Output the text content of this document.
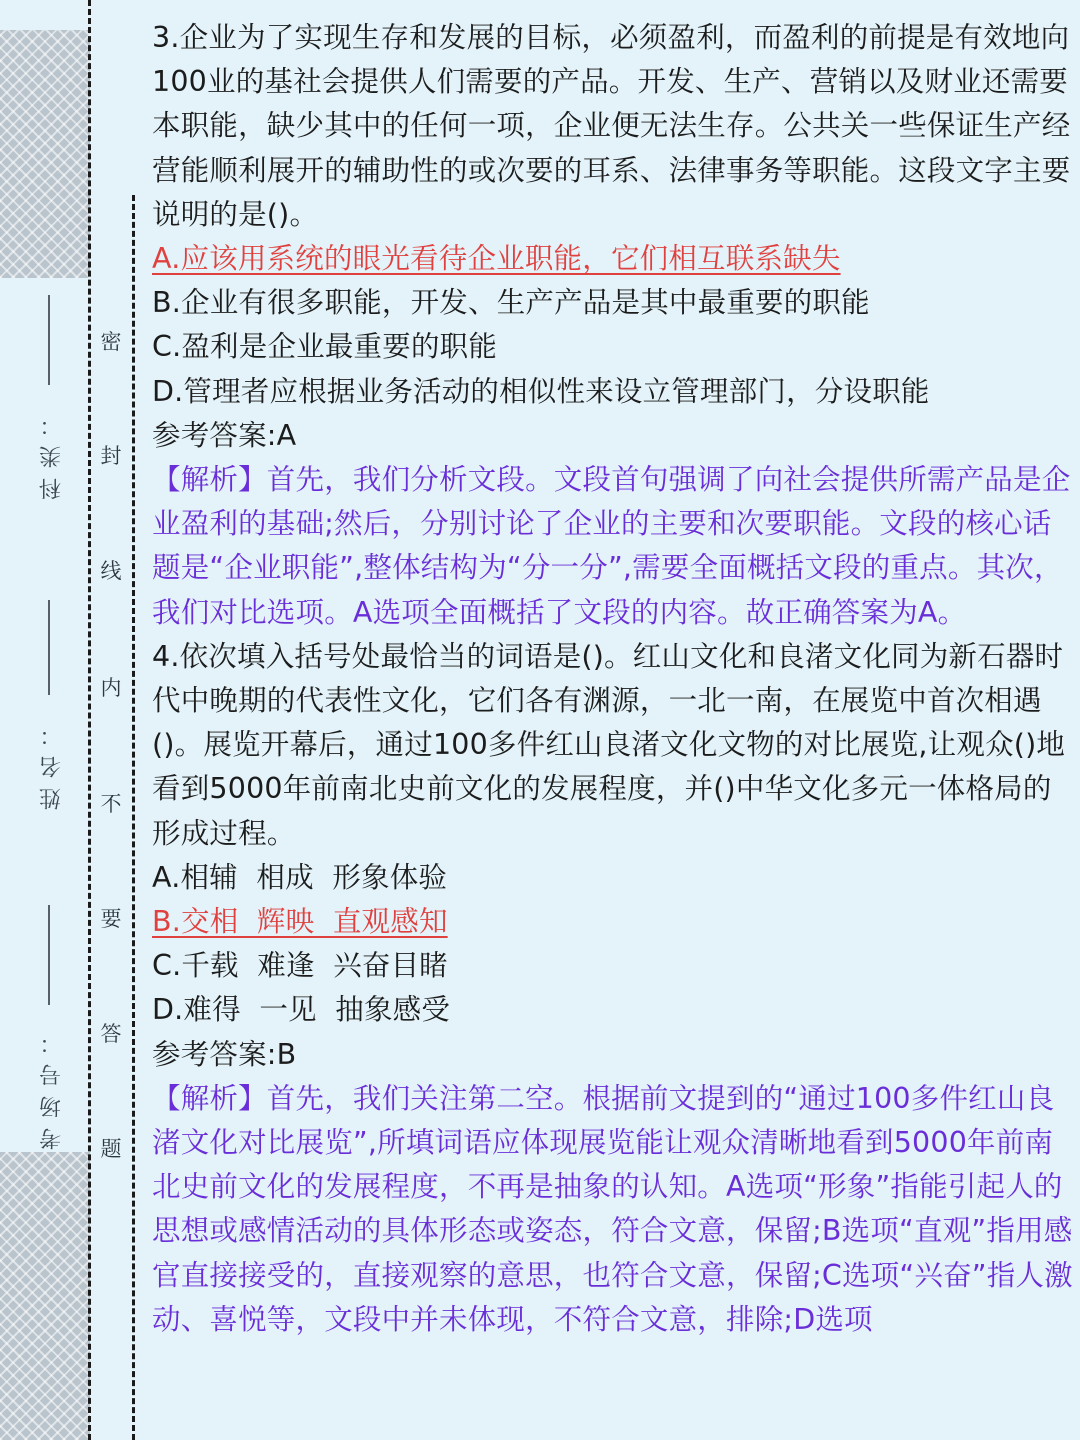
科类：
姓名：
考场号：
密
封
线
内
不
要
答
题

3.企业为了实现生存和发展的目标，必须盈利，而盈利的前提是有效地向100业的基社会提供人们需要的产品。开发、生产、营销以及财业还需要本职能，缺少其中的任何一项，企业便无法生存。公共关一些保证生产经营能顺利展开的辅助性的或次要的耳系、法律事务等职能。这段文字主要说明的是()。

A.应该用系统的眼光看待企业职能，它们相互联系缺失

B.企业有很多职能，开发、生产产品是其中最重要的职能

C.盈利是企业最重要的职能

D.管理者应根据业务活动的相似性来设立管理部门，分设职能

参考答案:A

【解析】首先，我们分析文段。文段首句强调了向社会提供所需产品是企业盈利的基础;然后，分别讨论了企业的主要和次要职能。文段的核心话题是“企业职能”,整体结构为“分一分”,需要全面概括文段的重点。其次，我们对比选项。A选项全面概括了文段的内容。故正确答案为A。

4.依次填入括号处最恰当的词语是()。红山文化和良渚文化同为新石器时代中晚期的代表性文化，它们各有渊源，一北一南，在展览中首次相遇()。展览开幕后，通过100多件红山良渚文化文物的对比展览,让观众()地看到5000年前南北史前文化的发展程度，并()中华文化多元一体格局的形成过程。

A.相辅  相成  形象体验

B.交相  辉映  直观感知

C.千载  难逢  兴奋目睹

D.难得  一见  抽象感受

参考答案:B

【解析】首先，我们关注第二空。根据前文提到的“通过100多件红山良渚文化对比展览”,所填词语应体现展览能让观众清晰地看到5000年前南北史前文化的发展程度，不再是抽象的认知。A选项“形象”指能引起人的思想或感情活动的具体形态或姿态，符合文意，保留;B选项“直观”指用感官直接接受的，直接观察的意思，也符合文意，保留;C选项“兴奋”指人激动、喜悦等，文段中并未体现，不符合文意，排除;D选项
